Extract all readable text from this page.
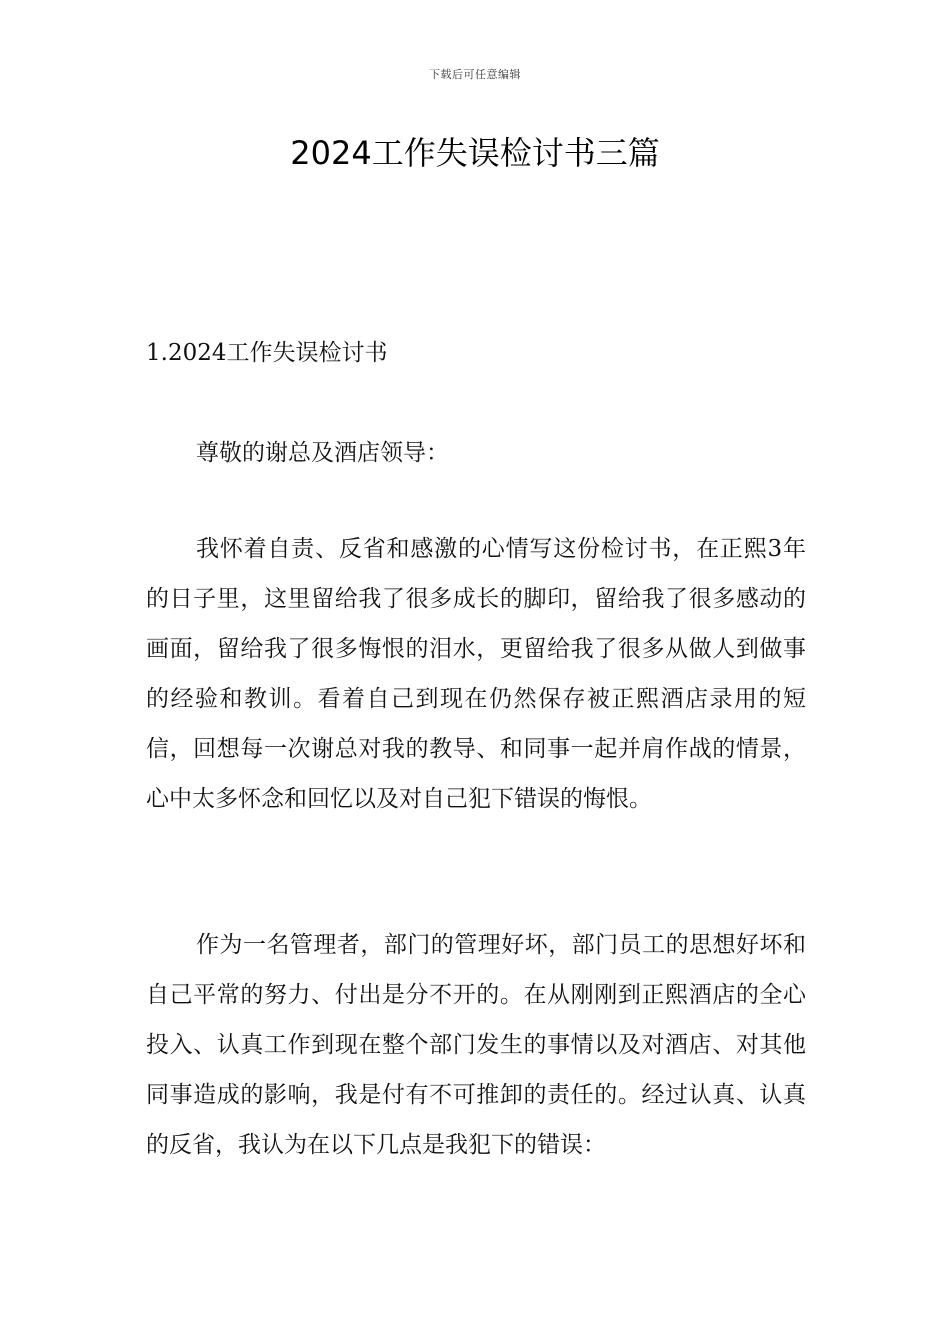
下载后可任意编辑
2024工作失误检讨书三篇

1.2024工作失误检讨书

尊敬的谢总及酒店领导：

我怀着自责、反省和感激的心情写这份检讨书，在正熙3年的日子里，这里留给我了很多成长的脚印，留给我了很多感动的画面，留给我了很多悔恨的泪水，更留给我了很多从做人到做事的经验和教训。看着自己到现在仍然保存被正熙酒店录用的短信，回想每一次谢总对我的教导、和同事一起并肩作战的情景，心中太多怀念和回忆以及对自己犯下错误的悔恨。

作为一名管理者，部门的管理好坏，部门员工的思想好坏和自己平常的努力、付出是分不开的。在从刚刚到正熙酒店的全心投入、认真工作到现在整个部门发生的事情以及对酒店、对其他同事造成的影响，我是付有不可推卸的责任的。经过认真、认真的反省，我认为在以下几点是我犯下的错误：
